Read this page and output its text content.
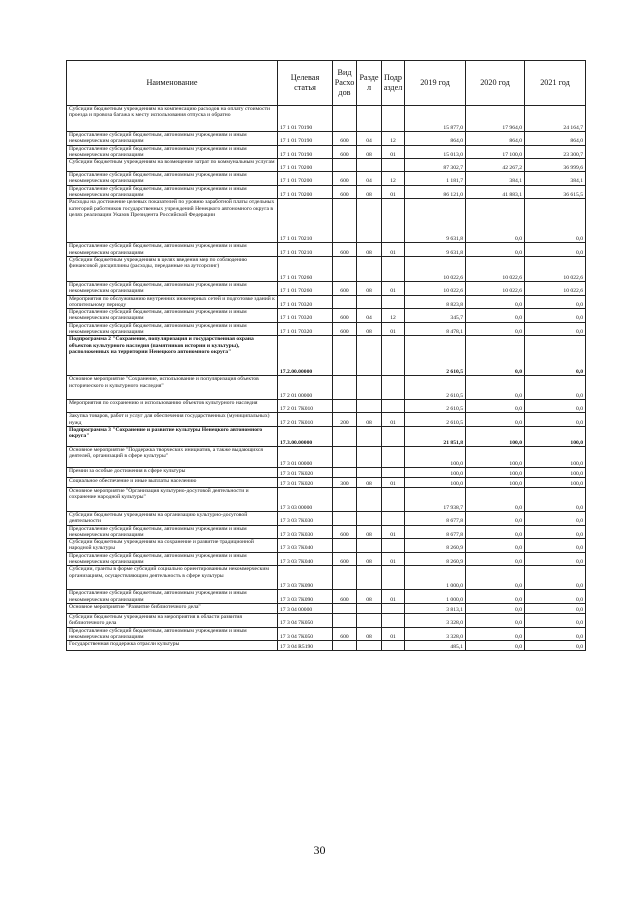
Наименование	Целевая статья	Вид Расхо дов	Разде л	Подр аздел	2019 год	2020 год	2021 год
Субсидии бюджетным учреждениям на компенсацию расходов на оплату стоимости проезда и провоза багажа к месту использования отпуска и обратно	17 1 01 70190				15 877,0	17 964,0	24 164,7
Предоставление субсидий бюджетным, автономным учреждениям и иным некоммерческим организациям	17 1 01 70190	600	04	12	864,0	864,0	864,0
Предоставление субсидий бюджетным, автономным учреждениям и иным некоммерческим организациям	17 1 01 70190	600	08	01	15 013,0	17 100,0	23 300,7
Субсидии бюджетным учреждениям на возмещение затрат по коммунальным услугам	17 1 01 70200				87 302,7	42 267,2	36 999,6
Предоставление субсидий бюджетным, автономным учреждениям и иным некоммерческим организациям	17 1 01 70200	600	04	12	1 181,7	384,1	384,1
Предоставление субсидий бюджетным, автономным учреждениям и иным некоммерческим организациям	17 1 01 70200	600	08	01	86 121,0	41 883,1	36 615,5
Расходы на достижение целевых показателей по уровню заработной платы отдельных категорий работников государственных учреждений Ненецкого автономного округа в целях реализации Указов Президента Российской Федерации	17 1 01 70210				9 631,8	0,0	0,0
Предоставление субсидий бюджетным, автономным учреждениям и иным некоммерческим организациям	17 1 01 70210	600	08	01	9 631,8	0,0	0,0
Субсидии бюджетным учреждениям в целях введения мер по соблюдению финансовой дисциплины (расходы, переданные на аутсорсинг)	17 1 01 70260				10 022,6	10 022,6	10 022,6
Предоставление субсидий бюджетным, автономным учреждениям и иным некоммерческим организациям	17 1 01 70260	600	08	01	10 022,6	10 022,6	10 022,6
Мероприятия по обслуживанию внутренних инженерных сетей и подготовке зданий к отопительному периоду	17 1 01 70320				8 823,8	0,0	0,0
Предоставление субсидий бюджетным, автономным учреждениям и иным некоммерческим организациям	17 1 01 70320	600	04	12	345,7	0,0	0,0
Предоставление субсидий бюджетным, автономным учреждениям и иным некоммерческим организациям	17 1 01 70320	600	08	01	8 478,1	0,0	0,0
Подпрограмма 2 "Сохранение, популяризация и государственная охрана объектов культурного наследия (памятников истории и культуры), расположенных на территории Ненецкого автономного округа"	17.2.00.00000				2 610,5	0,0	0,0
Основное мероприятие "Сохранение, использование и популяризация объектов исторического и культурного наследия"	17 2 01 00000				2 610,5	0,0	0,0
Мероприятия по сохранению и использованию объектов культурного наследия	17 2 01 7К010				2 610,5	0,0	0,0
Закупка товаров, работ и услуг для обеспечения государственных (муниципальных) нужд	17 2 01 7К010	200	08	01	2 610,5	0,0	0,0
Подпрограмма 3 "Сохранение и развитие культуры Ненецкого автономного округа"	17.3.00.00000				21 851,8	100,0	100,0
Основное мероприятие "Поддержка творческих инициатив, а также выдающихся деятелей, организаций в сфере культуры"	17 3 01 00000				100,0	100,0	100,0
Премии за особые достижения в сфере культуры	17 3 01 7К020				100,0	100,0	100,0
Социальное обеспечение и иные выплаты населению	17 3 01 7К020	300	08	01	100,0	100,0	100,0
Основное мероприятие "Организация культурно-досуговой деятельности и сохранение народной культуры"	17 3 03 00000				17 938,7	0,0	0,0
Субсидии бюджетным учреждениям на организацию культурно-досуговой деятельности	17 3 03 7К030				8 677,8	0,0	0,0
Предоставление субсидий бюджетным, автономным учреждениям и иным некоммерческим организациям	17 3 03 7К030	600	08	01	8 677,8	0,0	0,0
Субсидии бюджетным учреждениям на сохранение и развитие традиционной народной культуры	17 3 03 7К040				8 260,9	0,0	0,0
Предоставление субсидий бюджетным, автономным учреждениям и иным некоммерческим организациям	17 3 03 7К040	600	08	01	8 260,9	0,0	0,0
Субсидии, гранты в форме субсидий социально ориентированным некоммерческим организациям, осуществляющим деятельность в сфере культуры	17 3 03 7К090				1 000,0	0,0	0,0
Предоставление субсидий бюджетным, автономным учреждениям и иным некоммерческим организациям	17 3 03 7К090	600	08	01	1 000,0	0,0	0,0
Основное мероприятие "Развитие библиотечного дела"	17 3 04 00000				3 813,1	0,0	0,0
Субсидии бюджетным учреждениям на мероприятия в области развития библиотечного дела	17 3 04 7К050				3 328,0	0,0	0,0
Предоставление субсидий бюджетным, автономным учреждениям и иным некоммерческим организациям	17 3 04 7К050	600	08	01	3 328,0	0,0	0,0
Государственная поддержка отрасли культуры	17 3 04 R5190				485,1	0,0	0,0
30
